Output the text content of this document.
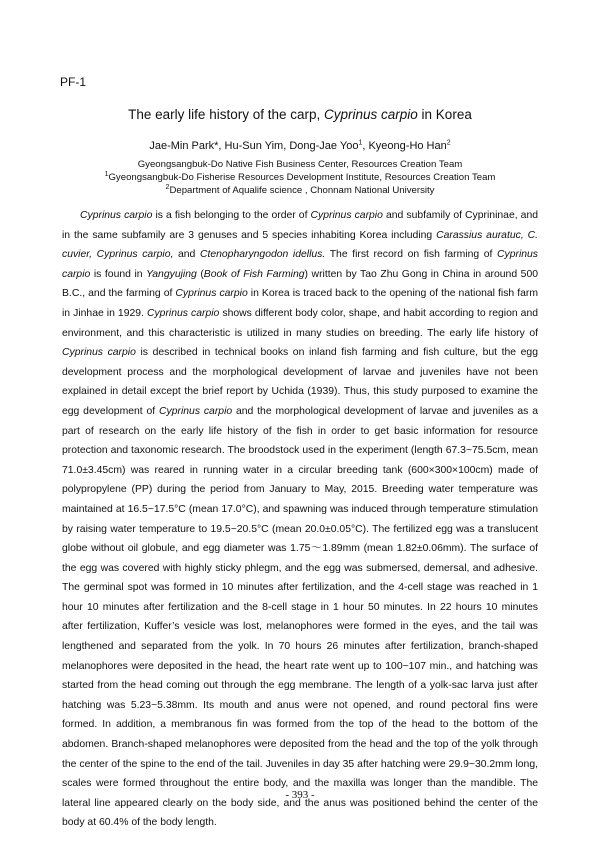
PF-1
The early life history of the carp, Cyprinus carpio in Korea
Jae-Min Park*, Hu-Sun Yim, Dong-Jae Yoo$^1$, Kyeong-Ho Han$^2$
Gyeongsangbuk-Do Native Fish Business Center, Resources Creation Team
$^1$Gyeongsangbuk-Do Fisherise Resources Development Institute, Resources Creation Team
$^2$Department of Aqualife science , Chonnam National University
Cyprinus carpio is a fish belonging to the order of Cyprinus carpio and subfamily of Cyprininae, and in the same subfamily are 3 genuses and 5 species inhabiting Korea including Carassius auratuc, C. cuvier, Cyprinus carpio, and Ctenopharyngodon idellus. The first record on fish farming of Cyprinus carpio is found in Yangyujing (Book of Fish Farming) written by Tao Zhu Gong in China in around 500 B.C., and the farming of Cyprinus carpio in Korea is traced back to the opening of the national fish farm in Jinhae in 1929. Cyprinus carpio shows different body color, shape, and habit according to region and environment, and this characteristic is utilized in many studies on breeding. The early life history of Cyprinus carpio is described in technical books on inland fish farming and fish culture, but the egg development process and the morphological development of larvae and juveniles have not been explained in detail except the brief report by Uchida (1939). Thus, this study purposed to examine the egg development of Cyprinus carpio and the morphological development of larvae and juveniles as a part of research on the early life history of the fish in order to get basic information for resource protection and taxonomic research. The broodstock used in the experiment (length 67.3~75.5cm, mean 71.0±3.45cm) was reared in running water in a circular breeding tank (600×300×100cm) made of polypropylene (PP) during the period from January to May, 2015. Breeding water temperature was maintained at 16.5~17.5°C (mean 17.0°C), and spawning was induced through temperature stimulation by raising water temperature to 19.5~20.5°C (mean 20.0±0.05°C). The fertilized egg was a translucent globe without oil globule, and egg diameter was 1.75～1.89mm (mean 1.82±0.06mm). The surface of the egg was covered with highly sticky phlegm, and the egg was submersed, demersal, and adhesive. The germinal spot was formed in 10 minutes after fertilization, and the 4-cell stage was reached in 1 hour 10 minutes after fertilization and the 8-cell stage in 1 hour 50 minutes. In 22 hours 10 minutes after fertilization, Kuffer’s vesicle was lost, melanophores were formed in the eyes, and the tail was lengthened and separated from the yolk. In 70 hours 26 minutes after fertilization, branch-shaped melanophores were deposited in the head, the heart rate went up to 100~107 min., and hatching was started from the head coming out through the egg membrane. The length of a yolk-sac larva just after hatching was 5.23~5.38mm. Its mouth and anus were not opened, and round pectoral fins were formed. In addition, a membranous fin was formed from the top of the head to the bottom of the abdomen. Branch-shaped melanophores were deposited from the head and the top of the yolk through the center of the spine to the end of the tail. Juveniles in day 35 after hatching were 29.9~30.2mm long, scales were formed throughout the entire body, and the maxilla was longer than the mandible. The lateral line appeared clearly on the body side, and the anus was positioned behind the center of the body at 60.4% of the body length.
- 393 -
